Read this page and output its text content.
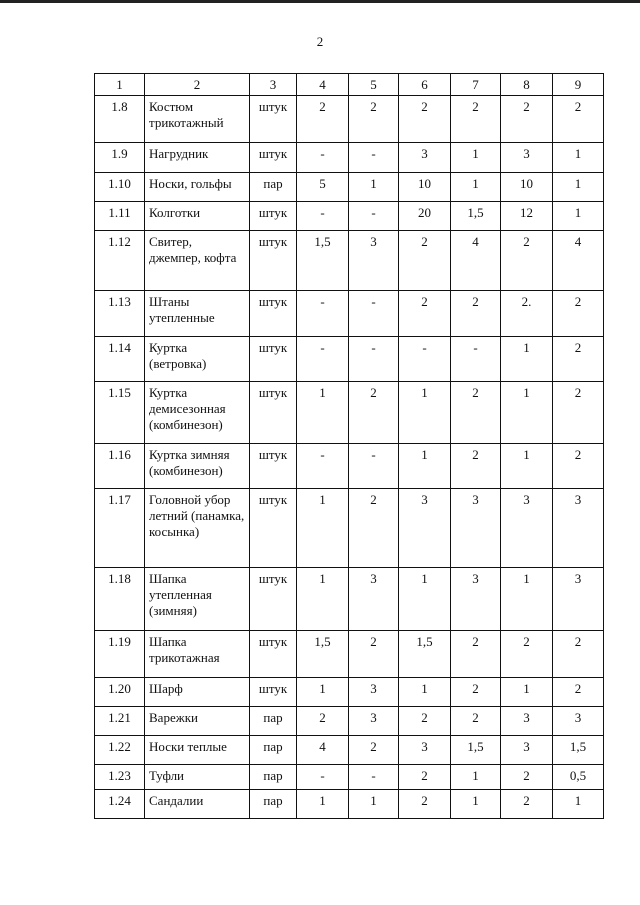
2
1	2	3	4	5	6	7	8	9
1.8	Костюм трикотажный	штук	2	2	2	2	2	2
1.9	Нагрудник	штук	-	-	3	1	3	1
1.10	Носки, гольфы	пар	5	1	10	1	10	1
1.11	Колготки	штук	-	-	20	1,5	12	1
1.12	Свитер, джемпер, кофта	штук	1,5	3	2	4	2	4
1.13	Штаны утепленные	штук	-	-	2	2	2.	2
1.14	Куртка (ветровка)	штук	-	-	-	-	1	2
1.15	Куртка демисезонная (комбинезон)	штук	1	2	1	2	1	2
1.16	Куртка зимняя (комбинезон)	штук	-	-	1	2	1	2
1.17	Головной убор летний (панамка, косынка)	штук	1	2	3	3	3	3
1.18	Шапка утепленная (зимняя)	штук	1	3	1	3	1	3
1.19	Шапка трикотажная	штук	1,5	2	1,5	2	2	2
1.20	Шарф	штук	1	3	1	2	1	2
1.21	Варежки	пар	2	3	2	2	3	3
1.22	Носки теплые	пар	4	2	3	1,5	3	1,5
1.23	Туфли	пар	-	-	2	1	2	0,5
1.24	Сандалии	пар	1	1	2	1	2	1
